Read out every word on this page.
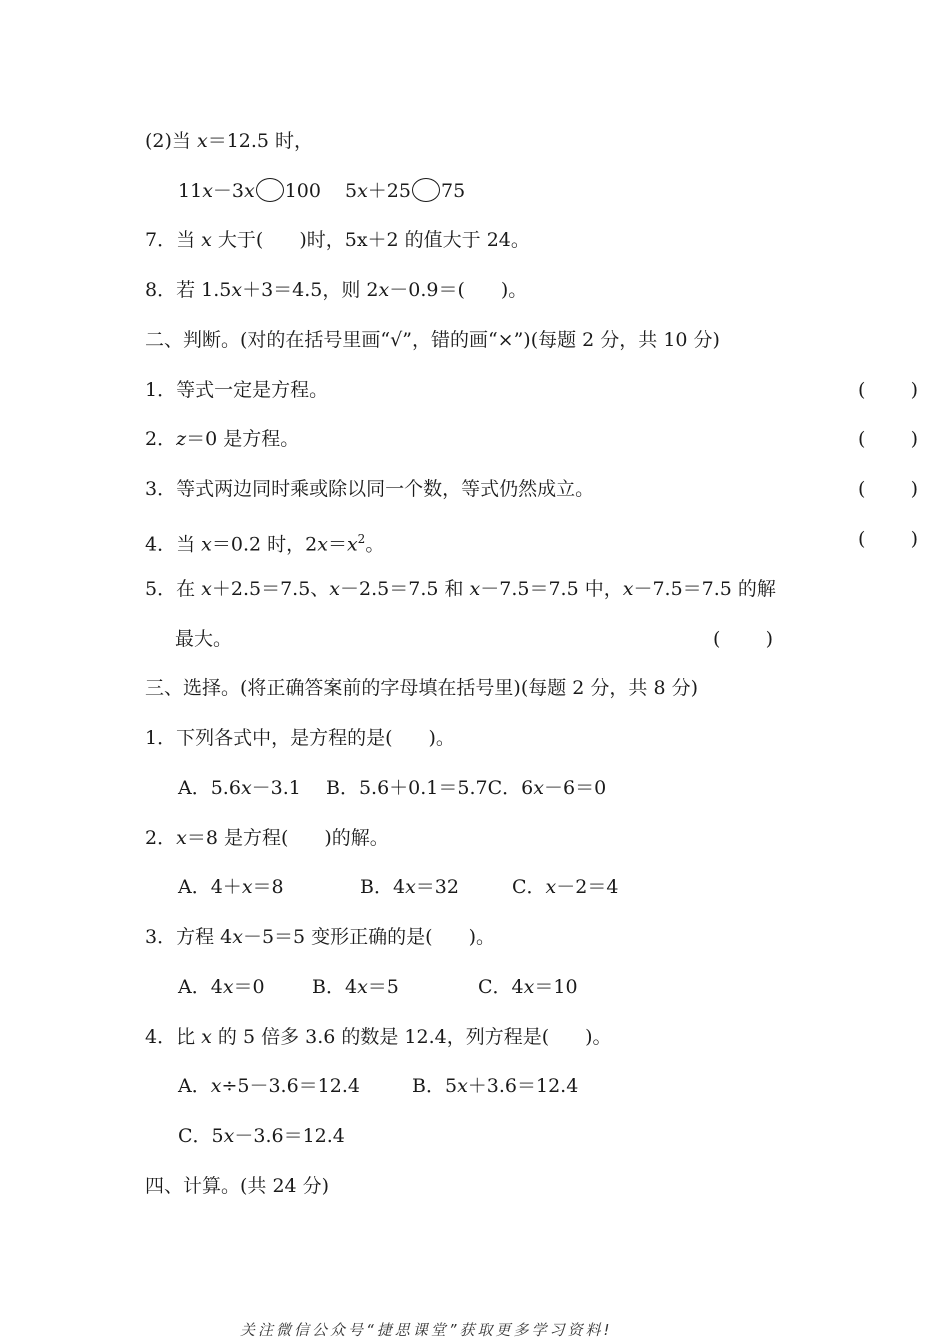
(2)当 x＝12.5 时，
11x－3x 100 5x＋25 75
7．当 x 大于( )时，5x＋2 的值大于 24。
8．若 1.5x＋3＝4.5，则 2x－0.9＝( )。
二、判断。(对的在括号里画“√”，错的画“×”)(每题 2 分，共 10 分)
1．等式一定是方程。	( )
2．z＝0 是方程。	( )
3．等式两边同时乘或除以同一个数，等式仍然成立。	( )
4．当 x＝0.2 时，$2x=x^2$。	( )
5．在 x＋2.5＝7.5、x－2.5＝7.5 和 x－7.5＝7.5 中，x－7.5＝7.5 的解
最大。	( )
三、选择。(将正确答案前的字母填在括号里)(每题 2 分，共 8 分)
1．下列各式中，是方程的是( )。
A．5.6x－3.1 B．5.6＋0.1＝5.7C．6x－6＝0
2．x＝8 是方程( )的解。
A．4＋x＝8	B．4x＝32	C．x－2＝4
3．方程 4x－5＝5 变形正确的是( )。
A．4x＝0 B．4x＝5	C．4x＝10
4．比 x 的 5 倍多 3.6 的数是 12.4，列方程是( )。
A．x÷5－3.6＝12.4	B．5x＋3.6＝12.4
C．5x－3.6＝12.4
四、计算。(共 24 分)
关注微信公众号“捷思课堂”获取更多学习资料!
